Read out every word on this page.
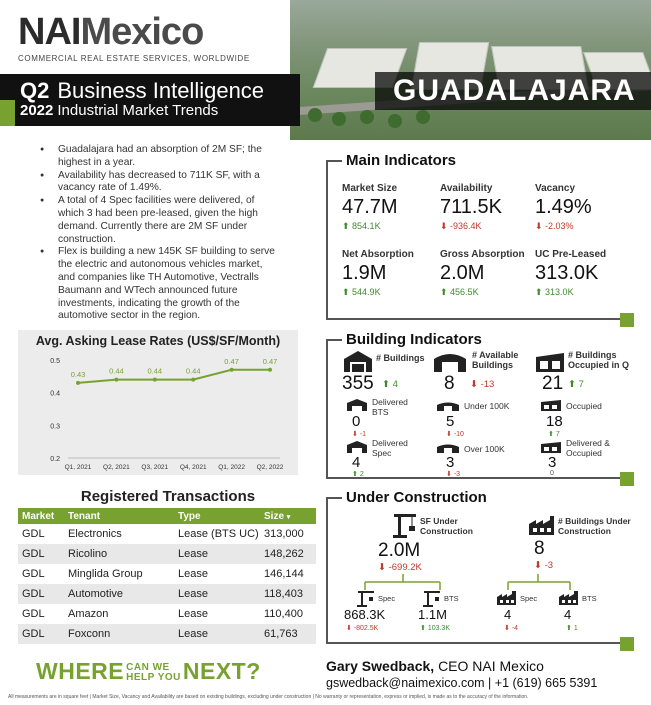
NAIMexico
COMMERCIAL REAL ESTATE SERVICES, WORLDWIDE
Q2 Business Intelligence
2022 Industrial Market Trends
GUADALAJARA
● Guadalajara had an absorption of 2M SF; the highest in a year.
● Availability has decreased to 711K SF, with a vacancy rate of 1.49%.
● A total of 4 Spec facilities were delivered, of which 3 had been pre-leased, given the high demand. Currently there are 2M SF under construction.
● Flex is building a new 145K SF building to serve the electric and autonomous vehicles market, and companies like TH Automotive, Vectralls Baumann and WTech announced future investments, indicating the growth of the automotive sector in the region.
Avg. Asking Lease Rates (US$/SF/Month)
0.2
0.3
0.4
0.5
Q1, 2021 Q2, 2021 Q3, 2021 Q4, 2021 Q1, 2022 Q2, 2022
0.43	0.44	0.44	0.44
0.47	0.47
Registered Transactions
Market	Tenant	Type	Size ▾
GDL	Electronics	Lease (BTS UC)	313,000
GDL	Ricolino	Lease	148,262
GDL	Minglida Group	Lease	146,144
GDL	Automotive	Lease	118,403
GDL	Amazon	Lease	110,400
GDL	Foxconn	Lease	61,763
Main Indicators
Market Size
47.7M
⬆ 854.1K
Availability
711.5K
⬇ -936.4K
Vacancy
1.49%
⬇ -2.03%
Net Absorption
1.9M
⬆ 544.9K
Gross Absorption
2.0M
⬆ 456.5K
UC Pre-Leased
313.0K
⬆ 313.0K
Building Indicators
# Buildings
355 ⬆ 4
# Available Buildings
8 ⬇ -13
# Buildings Occupied in Q
21 ⬆ 7
Delivered BTS
0
⬇ -1
Under 100K
5
⬇ -10
Occupied
18
⬆ 7
Delivered Spec
4
⬆ 2
Over 100K
3
⬇ -3
Delivered & Occupied
3
0
Under Construction
SF Under Construction
2.0M
⬇ -699.2K
# Buildings Under Construction
8
⬇ -3
Spec
868.3K
⬇ -802.5K
BTS
1.1M
⬆ 103.3K
Spec
4
⬇ -4
BTS
4
⬆ 1
WHERE CAN WE
HELP YOUNEXT?	Gary Swedback, CEO NAI Mexico
gswedback@naimexico.com | +1 (619) 665 5391
All measurements are in square feet | Market Size, Vacancy and Availability are based on existing buildings, excluding under construction | No warranty or representation, express or implied, is made as to the accuracy of the information.
